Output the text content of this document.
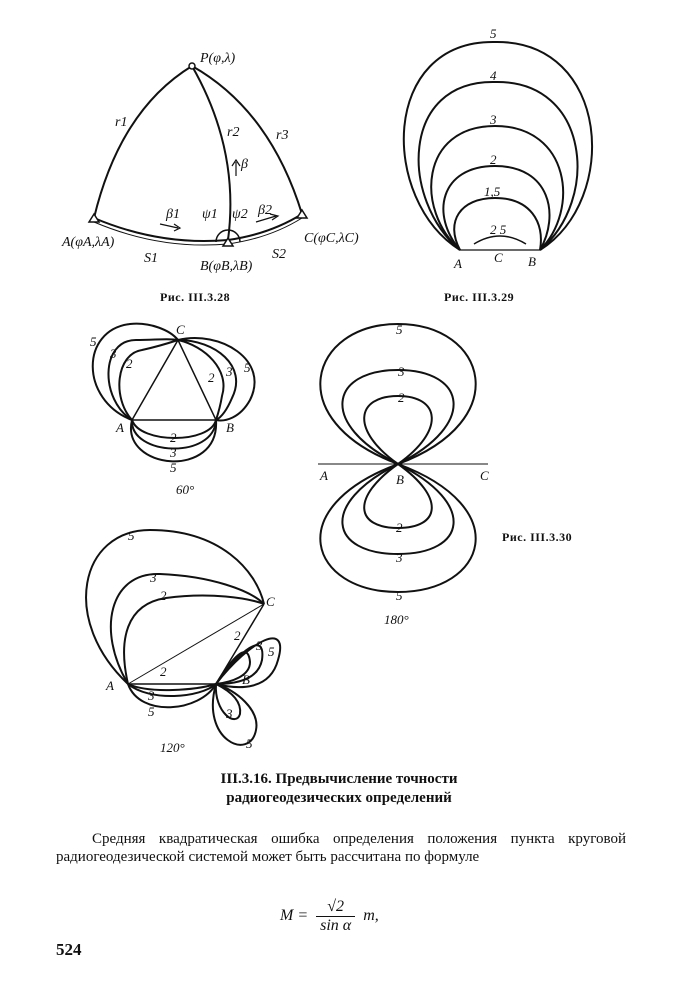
P(φ,λ)
r1
r2	r3
β
β1	β2
ψ1 ψ2
A(φA,λA)
S1
B(φB,λB)
S2
C(φC,λC)
5
4
3
2
1,5
2 5
A C B
5
3
2	5
3
2
2
3
5
A	B
C
60°
5
3
2
2
3
5
A	B	C
180°
5
3
2
2
3
5
2
3 5
3
5
A	B
C
120°
Рис. III.3.28	Рис. III.3.29
Рис. III.3.30
III.3.16. Предвычисление точности
радиогеодезических определений
Средняя квадратическая ошибка определения положения пункта круговой радиогеодезической системой может быть рассчитана по формуле
$M = \frac{√2}{\text{sin α}} m$,
524
